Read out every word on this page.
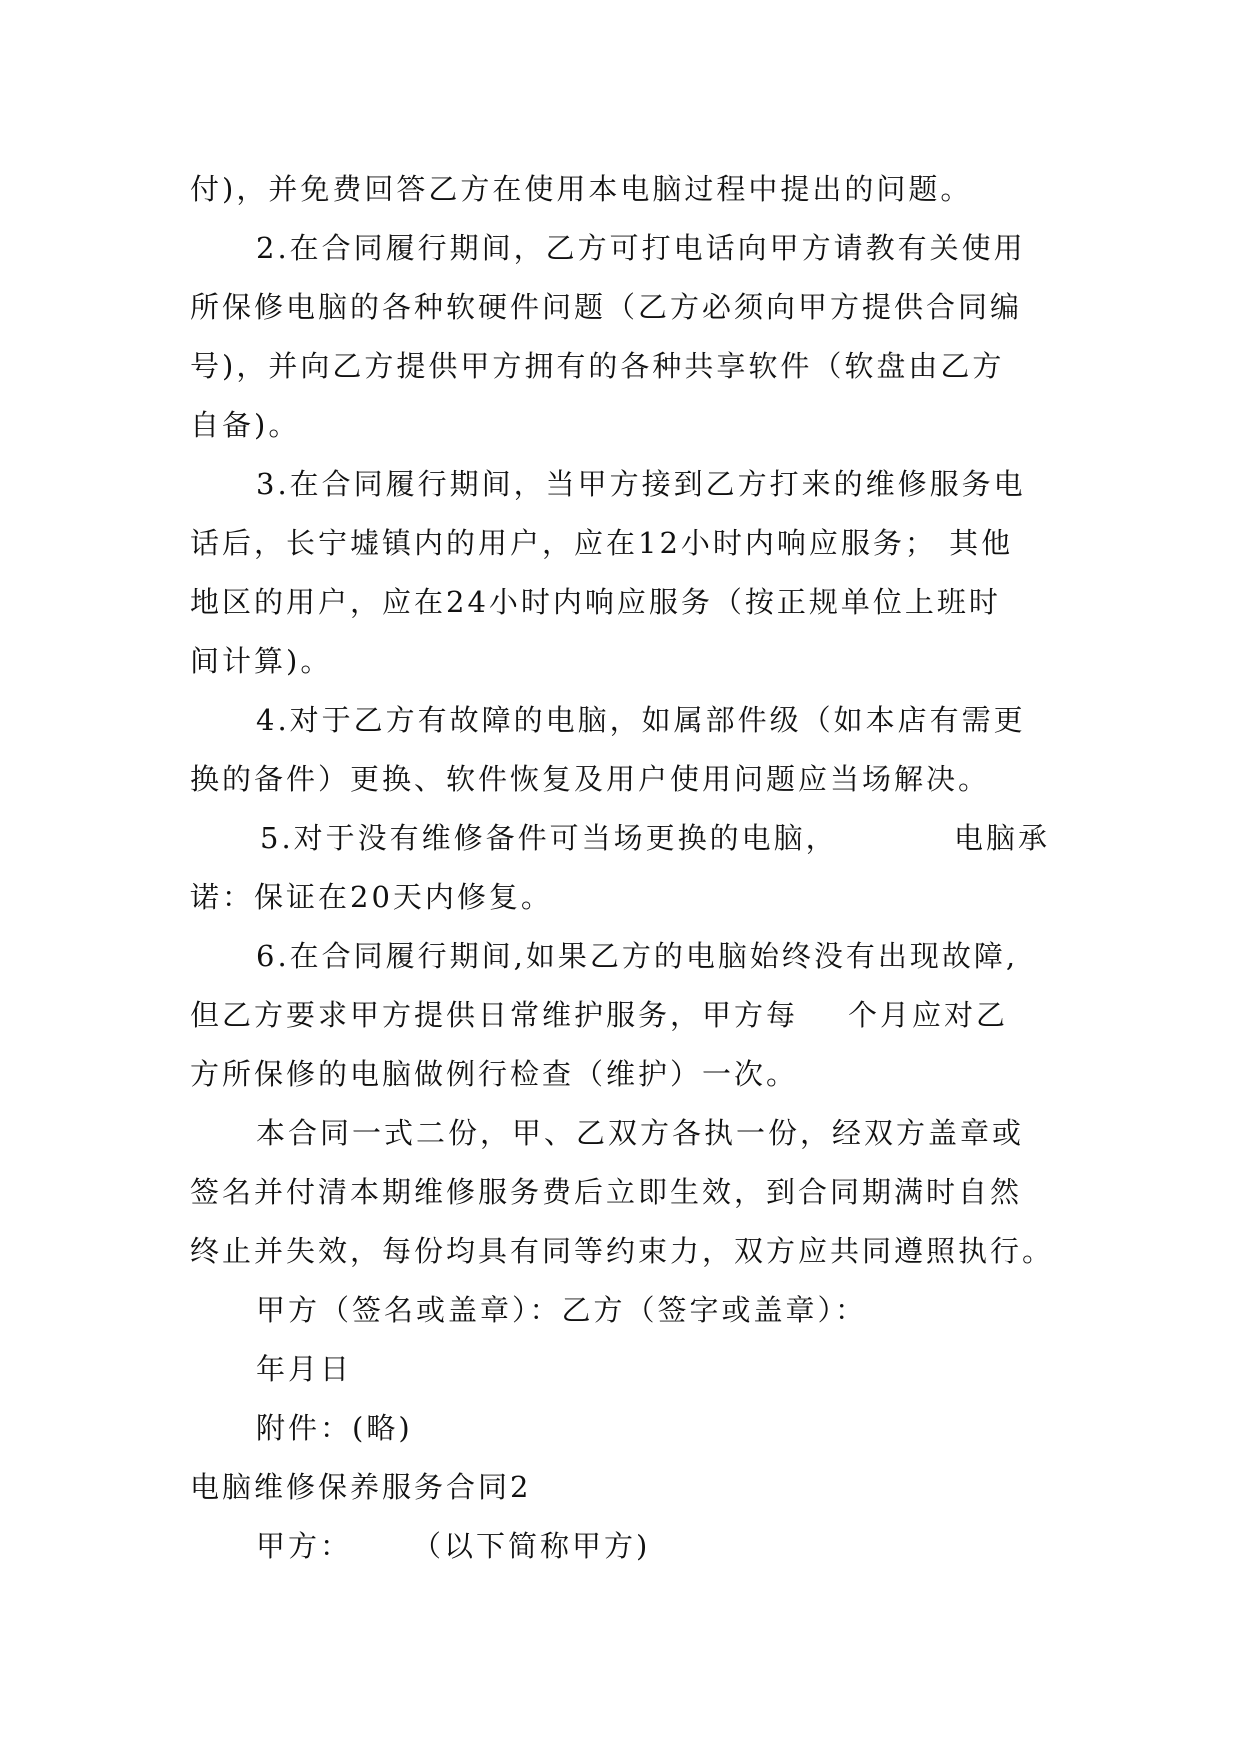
付)，并免费回答乙方在使用本电脑过程中提出的问题。
2.在合同履行期间，乙方可打电话向甲方请教有关使用
所保修电脑的各种软硬件问题（乙方必须向甲方提供合同编
号)，并向乙方提供甲方拥有的各种共享软件（软盘由乙方
自备)。
3.在合同履行期间，当甲方接到乙方打来的维修服务电
话后，长宁墟镇内的用户，应在12小时内响应服务； 其他
地区的用户，应在24小时内响应服务（按正规单位上班时
间计算)。
4.对于乙方有故障的电脑，如属部件级（如本店有需更
换的备件）更换、软件恢复及用户使用问题应当场解决。
5.对于没有维修备件可当场更换的电脑，	电脑承
诺：保证在20天内修复。
6.在合同履行期间,如果乙方的电脑始终没有出现故障,
但乙方要求甲方提供日常维护服务，甲方每 个月应对乙
方所保修的电脑做例行检查（维护）一次。
本合同一式二份，甲、乙双方各执一份，经双方盖章或
签名并付清本期维修服务费后立即生效，到合同期满时自然
终止并失效，每份均具有同等约束力，双方应共同遵照执行。
甲方（签名或盖章）：乙方（签字或盖章）：
年月日
附件：(略)
电脑维修保养服务合同2
甲方： （以下简称甲方)
